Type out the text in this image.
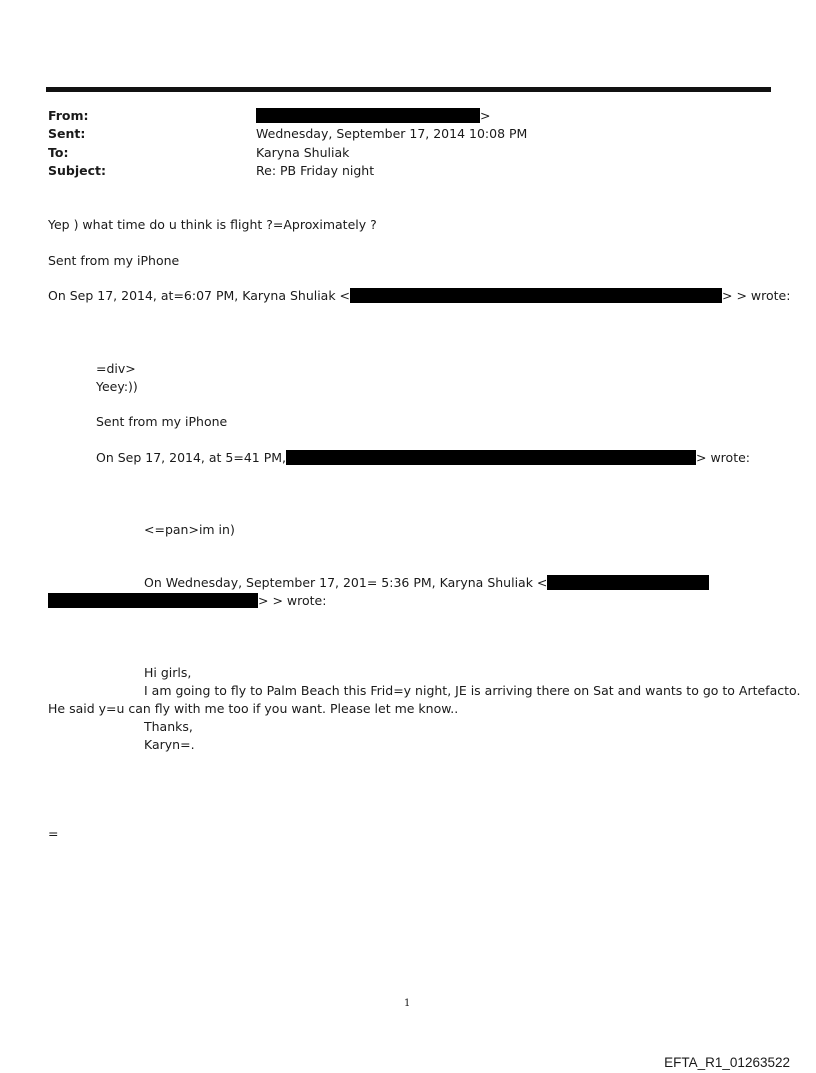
From:	>
Sent:	Wednesday, September 17, 2014 10:08 PM
To:	Karyna Shuliak
Subject:	Re: PB Friday night
Yep ) what time do u think is flight ?=Aproximately ?
Sent from my iPhone
On Sep 17, 2014, at=6:07 PM, Karyna Shuliak <	> > wrote:
=div>
Yeey:))
Sent from my iPhone
On Sep 17, 2014, at 5=41 PM,	> wrote:
<=pan>im in)
On Wednesday, September 17, 201= 5:36 PM, Karyna Shuliak <
> > wrote:
Hi girls,
I am going to fly to Palm Beach this Frid=y night, JE is arriving there on Sat and wants to go to Artefacto.
He said y=u can fly with me too if you want. Please let me know..
Thanks,
Karyn=.
=
1
EFTA_R1_01263522
